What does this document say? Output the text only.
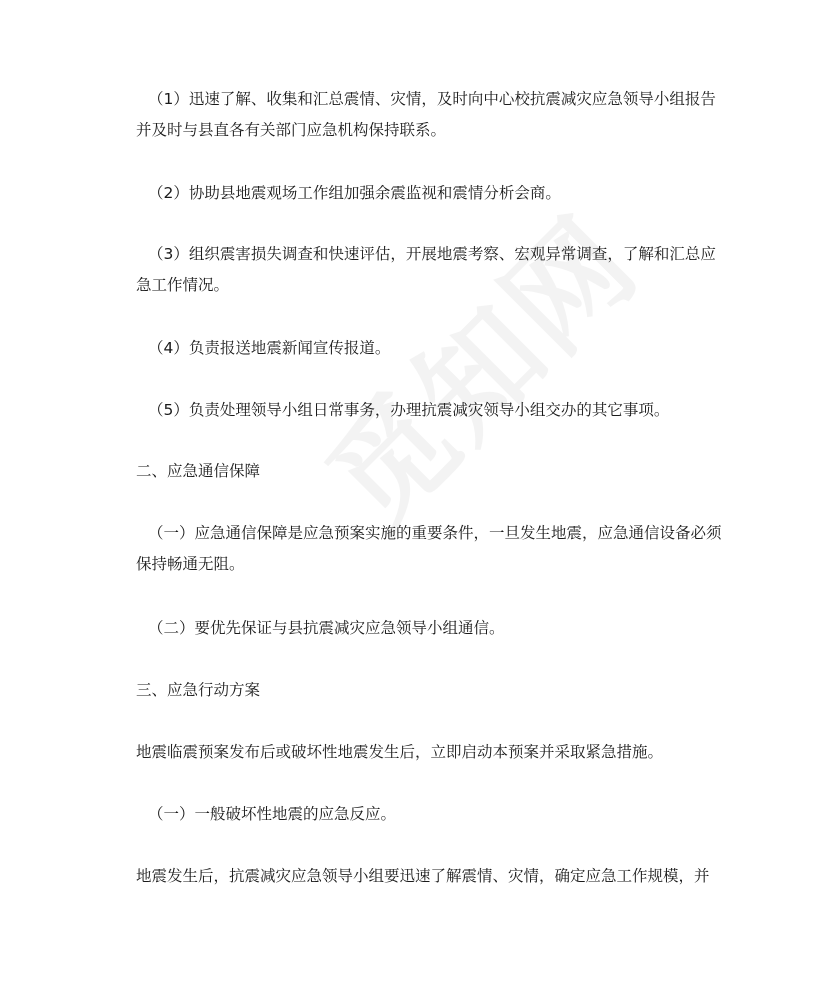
（1）迅速了解、收集和汇总震情、灾情，及时向中心校抗震减灾应急领导小组报告
并及时与县直各有关部门应急机构保持联系。

（2）协助县地震观场工作组加强余震监视和震情分析会商。

（3）组织震害损失调查和快速评估，开展地震考察、宏观异常调查，了解和汇总应
急工作情况。

（4）负责报送地震新闻宣传报道。

（5）负责处理领导小组日常事务，办理抗震减灾领导小组交办的其它事项。

二、应急通信保障

（一）应急通信保障是应急预案实施的重要条件，一旦发生地震，应急通信设备必须
保持畅通无阻。

（二）要优先保证与县抗震减灾应急领导小组通信。

三、应急行动方案

地震临震预案发布后或破坏性地震发生后，立即启动本预案并采取紧急措施。

（一）一般破坏性地震的应急反应。

地震发生后，抗震减灾应急领导小组要迅速了解震情、灾情，确定应急工作规模，并
